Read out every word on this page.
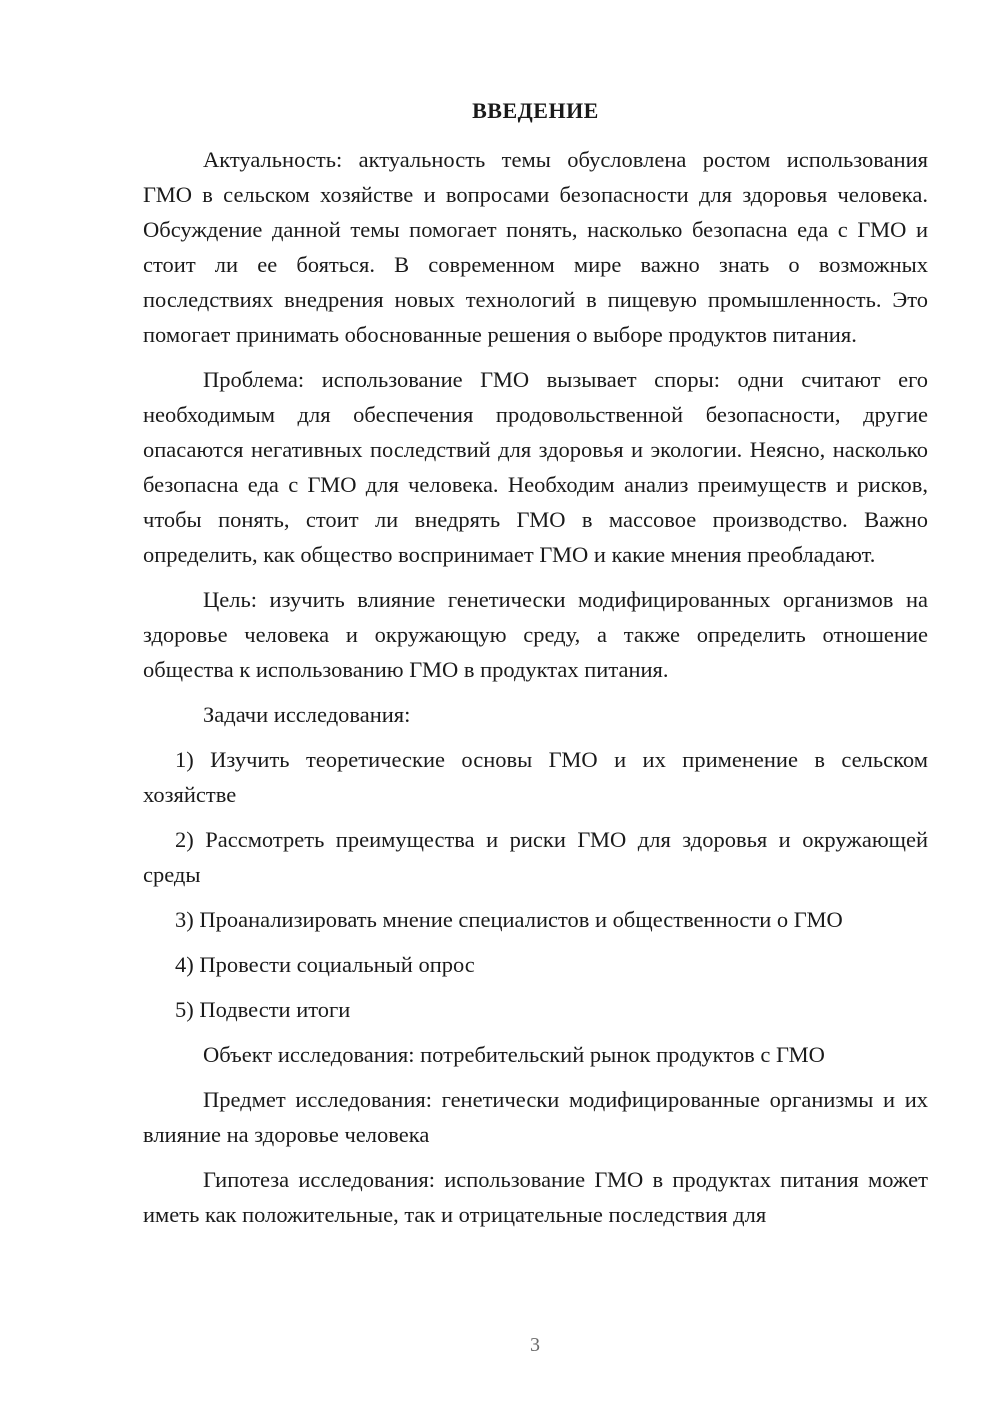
ВВЕДЕНИЕ

Актуальность: актуальность темы обусловлена ростом использования ГМО в сельском хозяйстве и вопросами безопасности для здоровья человека. Обсуждение данной темы помогает понять, насколько безопасна еда с ГМО и стоит ли ее бояться. В современном мире важно знать о возможных последствиях внедрения новых технологий в пищевую промышленность. Это помогает принимать обоснованные решения о выборе продуктов питания.

Проблема: использование ГМО вызывает споры: одни считают его необходимым для обеспечения продовольственной безопасности, другие опасаются негативных последствий для здоровья и экологии. Неясно, насколько безопасна еда с ГМО для человека. Необходим анализ преимуществ и рисков, чтобы понять, стоит ли внедрять ГМО в массовое производство. Важно определить, как общество воспринимает ГМО и какие мнения преобладают.

Цель: изучить влияние генетически модифицированных организмов на здоровье человека и окружающую среду, а также определить отношение общества к использованию ГМО в продуктах питания.

Задачи исследования:

1) Изучить теоретические основы ГМО и их применение в сельском хозяйстве

2) Рассмотреть преимущества и риски ГМО для здоровья и окружающей среды

3) Проанализировать мнение специалистов и общественности о ГМО

4) Провести социальный опрос

5) Подвести итоги

Объект исследования: потребительский рынок продуктов с ГМО

Предмет исследования: генетически модифицированные организмы и их влияние на здоровье человека

Гипотеза исследования: использование ГМО в продуктах питания может иметь как положительные, так и отрицательные последствия для

3
